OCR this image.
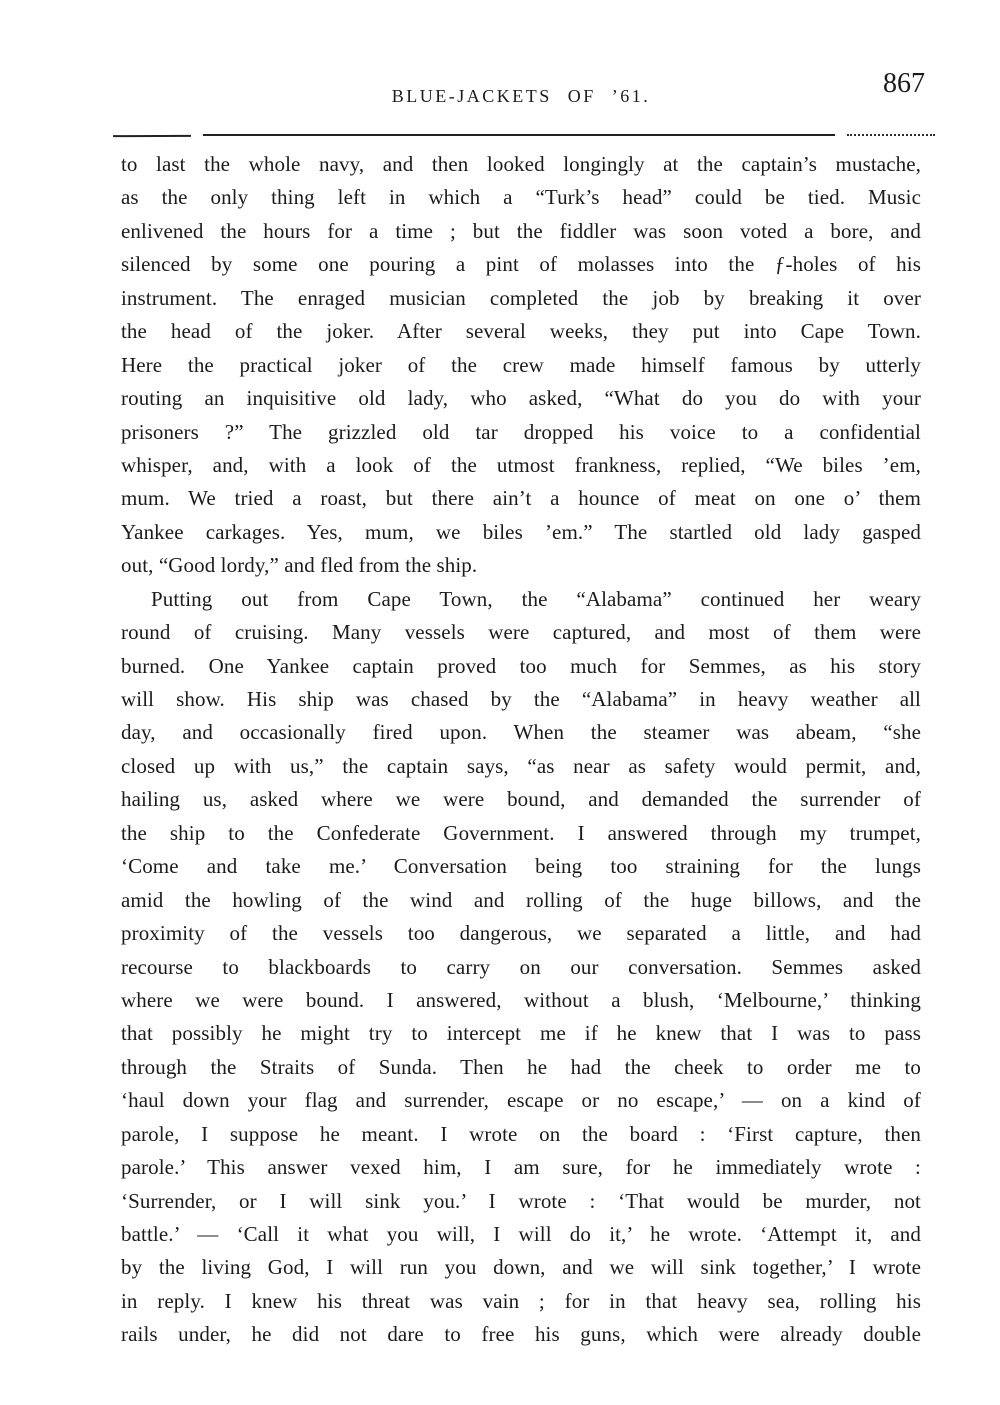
BLUE-JACKETS OF ’61.	867
to last the whole navy, and then looked longingly at the captain’s mustache,
as the only thing left in which a “Turk’s head” could be tied. Music
enlivened the hours for a time ; but the fiddler was soon voted a bore, and
silenced by some one pouring a pint of molasses into the ƒ-holes of his
instrument. The enraged musician completed the job by breaking it over
the head of the joker. After several weeks, they put into Cape Town.
Here the practical joker of the crew made himself famous by utterly
routing an inquisitive old lady, who asked, “What do you do with your
prisoners ?” The grizzled old tar dropped his voice to a confidential
whisper, and, with a look of the utmost frankness, replied, “We biles ’em,
mum. We tried a roast, but there ain’t a hounce of meat on one o’ them
Yankee carkages. Yes, mum, we biles ’em.” The startled old lady gasped
out, “Good lordy,” and fled from the ship.
Putting out from Cape Town, the “Alabama” continued her weary
round of cruising. Many vessels were captured, and most of them were
burned. One Yankee captain proved too much for Semmes, as his story
will show. His ship was chased by the “Alabama” in heavy weather all
day, and occasionally fired upon. When the steamer was abeam, “she
closed up with us,” the captain says, “as near as safety would permit, and,
hailing us, asked where we were bound, and demanded the surrender of
the ship to the Confederate Government. I answered through my trumpet,
‘Come and take me.’ Conversation being too straining for the lungs
amid the howling of the wind and rolling of the huge billows, and the
proximity of the vessels too dangerous, we separated a little, and had
recourse to blackboards to carry on our conversation. Semmes asked
where we were bound. I answered, without a blush, ‘Melbourne,’ thinking
that possibly he might try to intercept me if he knew that I was to pass
through the Straits of Sunda. Then he had the cheek to order me to
‘haul down your flag and surrender, escape or no escape,’ — on a kind of
parole, I suppose he meant. I wrote on the board : ‘First capture, then
parole.’ This answer vexed him, I am sure, for he immediately wrote :
‘Surrender, or I will sink you.’ I wrote : ‘That would be murder, not
battle.’ — ‘Call it what you will, I will do it,’ he wrote. ‘Attempt it, and
by the living God, I will run you down, and we will sink together,’ I wrote
in reply. I knew his threat was vain ; for in that heavy sea, rolling his
rails under, he did not dare to free his guns, which were already double
